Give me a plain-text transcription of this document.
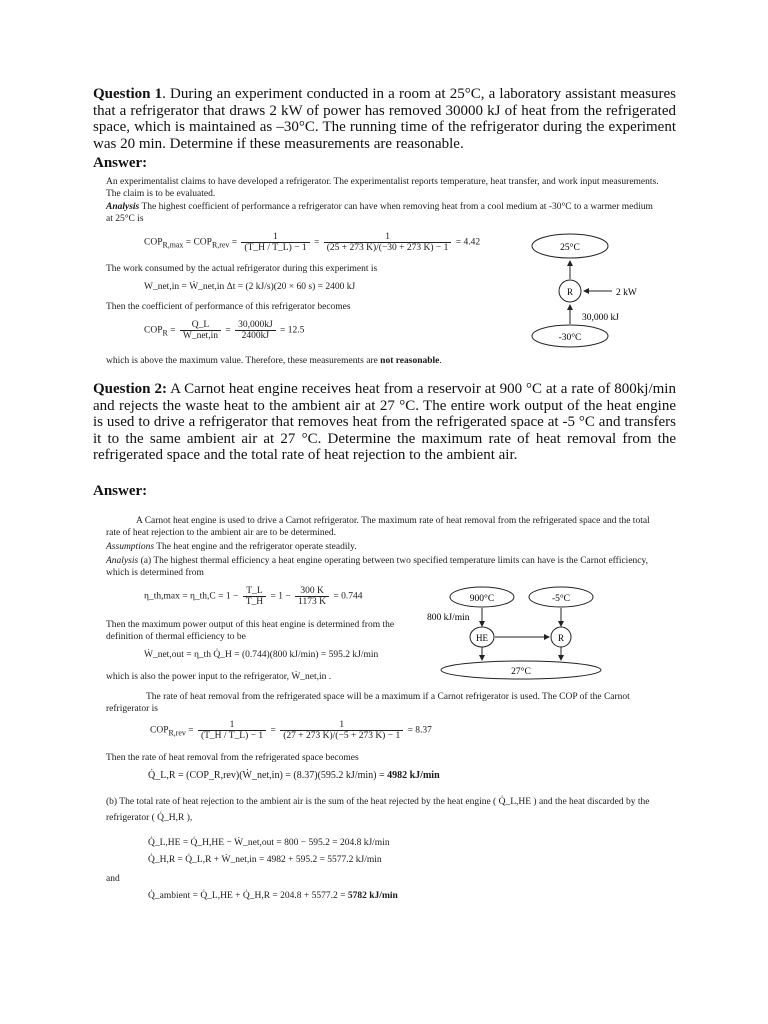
Question 1. During an experiment conducted in a room at 25°C, a laboratory assistant measures that a refrigerator that draws 2 kW of power has removed 30000 kJ of heat from the refrigerated space, which is maintained as –30°C. The running time of the refrigerator during the experiment was 20 min. Determine if these measurements are reasonable.
Answer:
An experimentalist claims to have developed a refrigerator. The experimentalist reports temperature, heat transfer, and work input measurements. The claim is to be evaluated.
Analysis The highest coefficient of performance a refrigerator can have when removing heat from a cool medium at -30°C to a warmer medium at 25°C is
$COP_{R,max} = COP_{R,rev} = \frac{1}{(T\_H / T\_L) - 1} = \frac{1}{(25 + 273 K)/(-30 + 273 K) - 1} = 4.42$
The work consumed by the actual refrigerator during this experiment is
W_net,in = Ẇ_net,in Δt = (2 kJ/s)(20 × 60 s) = 2400 kJ
Then the coefficient of performance of this refrigerator becomes
$COP_R = \frac{Q\_L}{\text{W\_net,in}} = \frac{30,000kJ}{2400kJ} = 12.5$
which is above the maximum value. Therefore, these measurements are not reasonable.
25°C
R	2 kW
30,000 kJ
-30°C
Question 2: A Carnot heat engine receives heat from a reservoir at 900 °C at a rate of 800kj/min and rejects the waste heat to the ambient air at 27 °C. The entire work output of the heat engine is used to drive a refrigerator that removes heat from the refrigerated space at -5 °C and transfers it to the same ambient air at 27 °C. Determine the maximum rate of heat removal from the refrigerated space and the total rate of heat rejection to the ambient air.
Answer:
A Carnot heat engine is used to drive a Carnot refrigerator. The maximum rate of heat removal from the refrigerated space and the total rate of heat rejection to the ambient air are to be determined.
Assumptions The heat engine and the refrigerator operate steadily.
Analysis (a) The highest thermal efficiency a heat engine operating between two specified temperature limits can have is the Carnot efficiency, which is determined from
η_th,max = η_th,C = $1 - \frac{T\_L}{T\_H} = 1 - \frac{300 K}{1173 K} = 0.744$
Then the maximum power output of this heat engine is determined from the definition of thermal efficiency to be
Ẇ_net,out = η_th Q̇_H = (0.744)(800 kJ/min) = 595.2 kJ/min
which is also the power input to the refrigerator, Ẇ_net,in .
The rate of heat removal from the refrigerated space will be a maximum if a Carnot refrigerator is used. The COP of the Carnot refrigerator is
$COP_{R,rev} = \frac{1}{(T\_H / T\_L) - 1} = \frac{1}{(27 + 273 K)/(-5 + 273 K) - 1} = 8.37$
Then the rate of heat removal from the refrigerated space becomes
Q̇_L,R = (COP_R,rev)(Ẇ_net,in) = (8.37)(595.2 kJ/min) = 4982 kJ/min
(b) The total rate of heat rejection to the ambient air is the sum of the heat rejected by the heat engine ( Q̇_L,HE ) and the heat discarded by the refrigerator ( Q̇_H,R ),
Q̇_L,HE = Q̇_H,HE − Ẇ_net,out = 800 − 595.2 = 204.8 kJ/min
Q̇_H,R = Q̇_L,R + Ẇ_net,in = 4982 + 595.2 = 5577.2 kJ/min
and
Q̇_ambient = Q̇_L,HE + Q̇_H,R = 204.8 + 5577.2 = 5782 kJ/min
900°C	-5°C
800 kJ/min
HE	R
27°C
